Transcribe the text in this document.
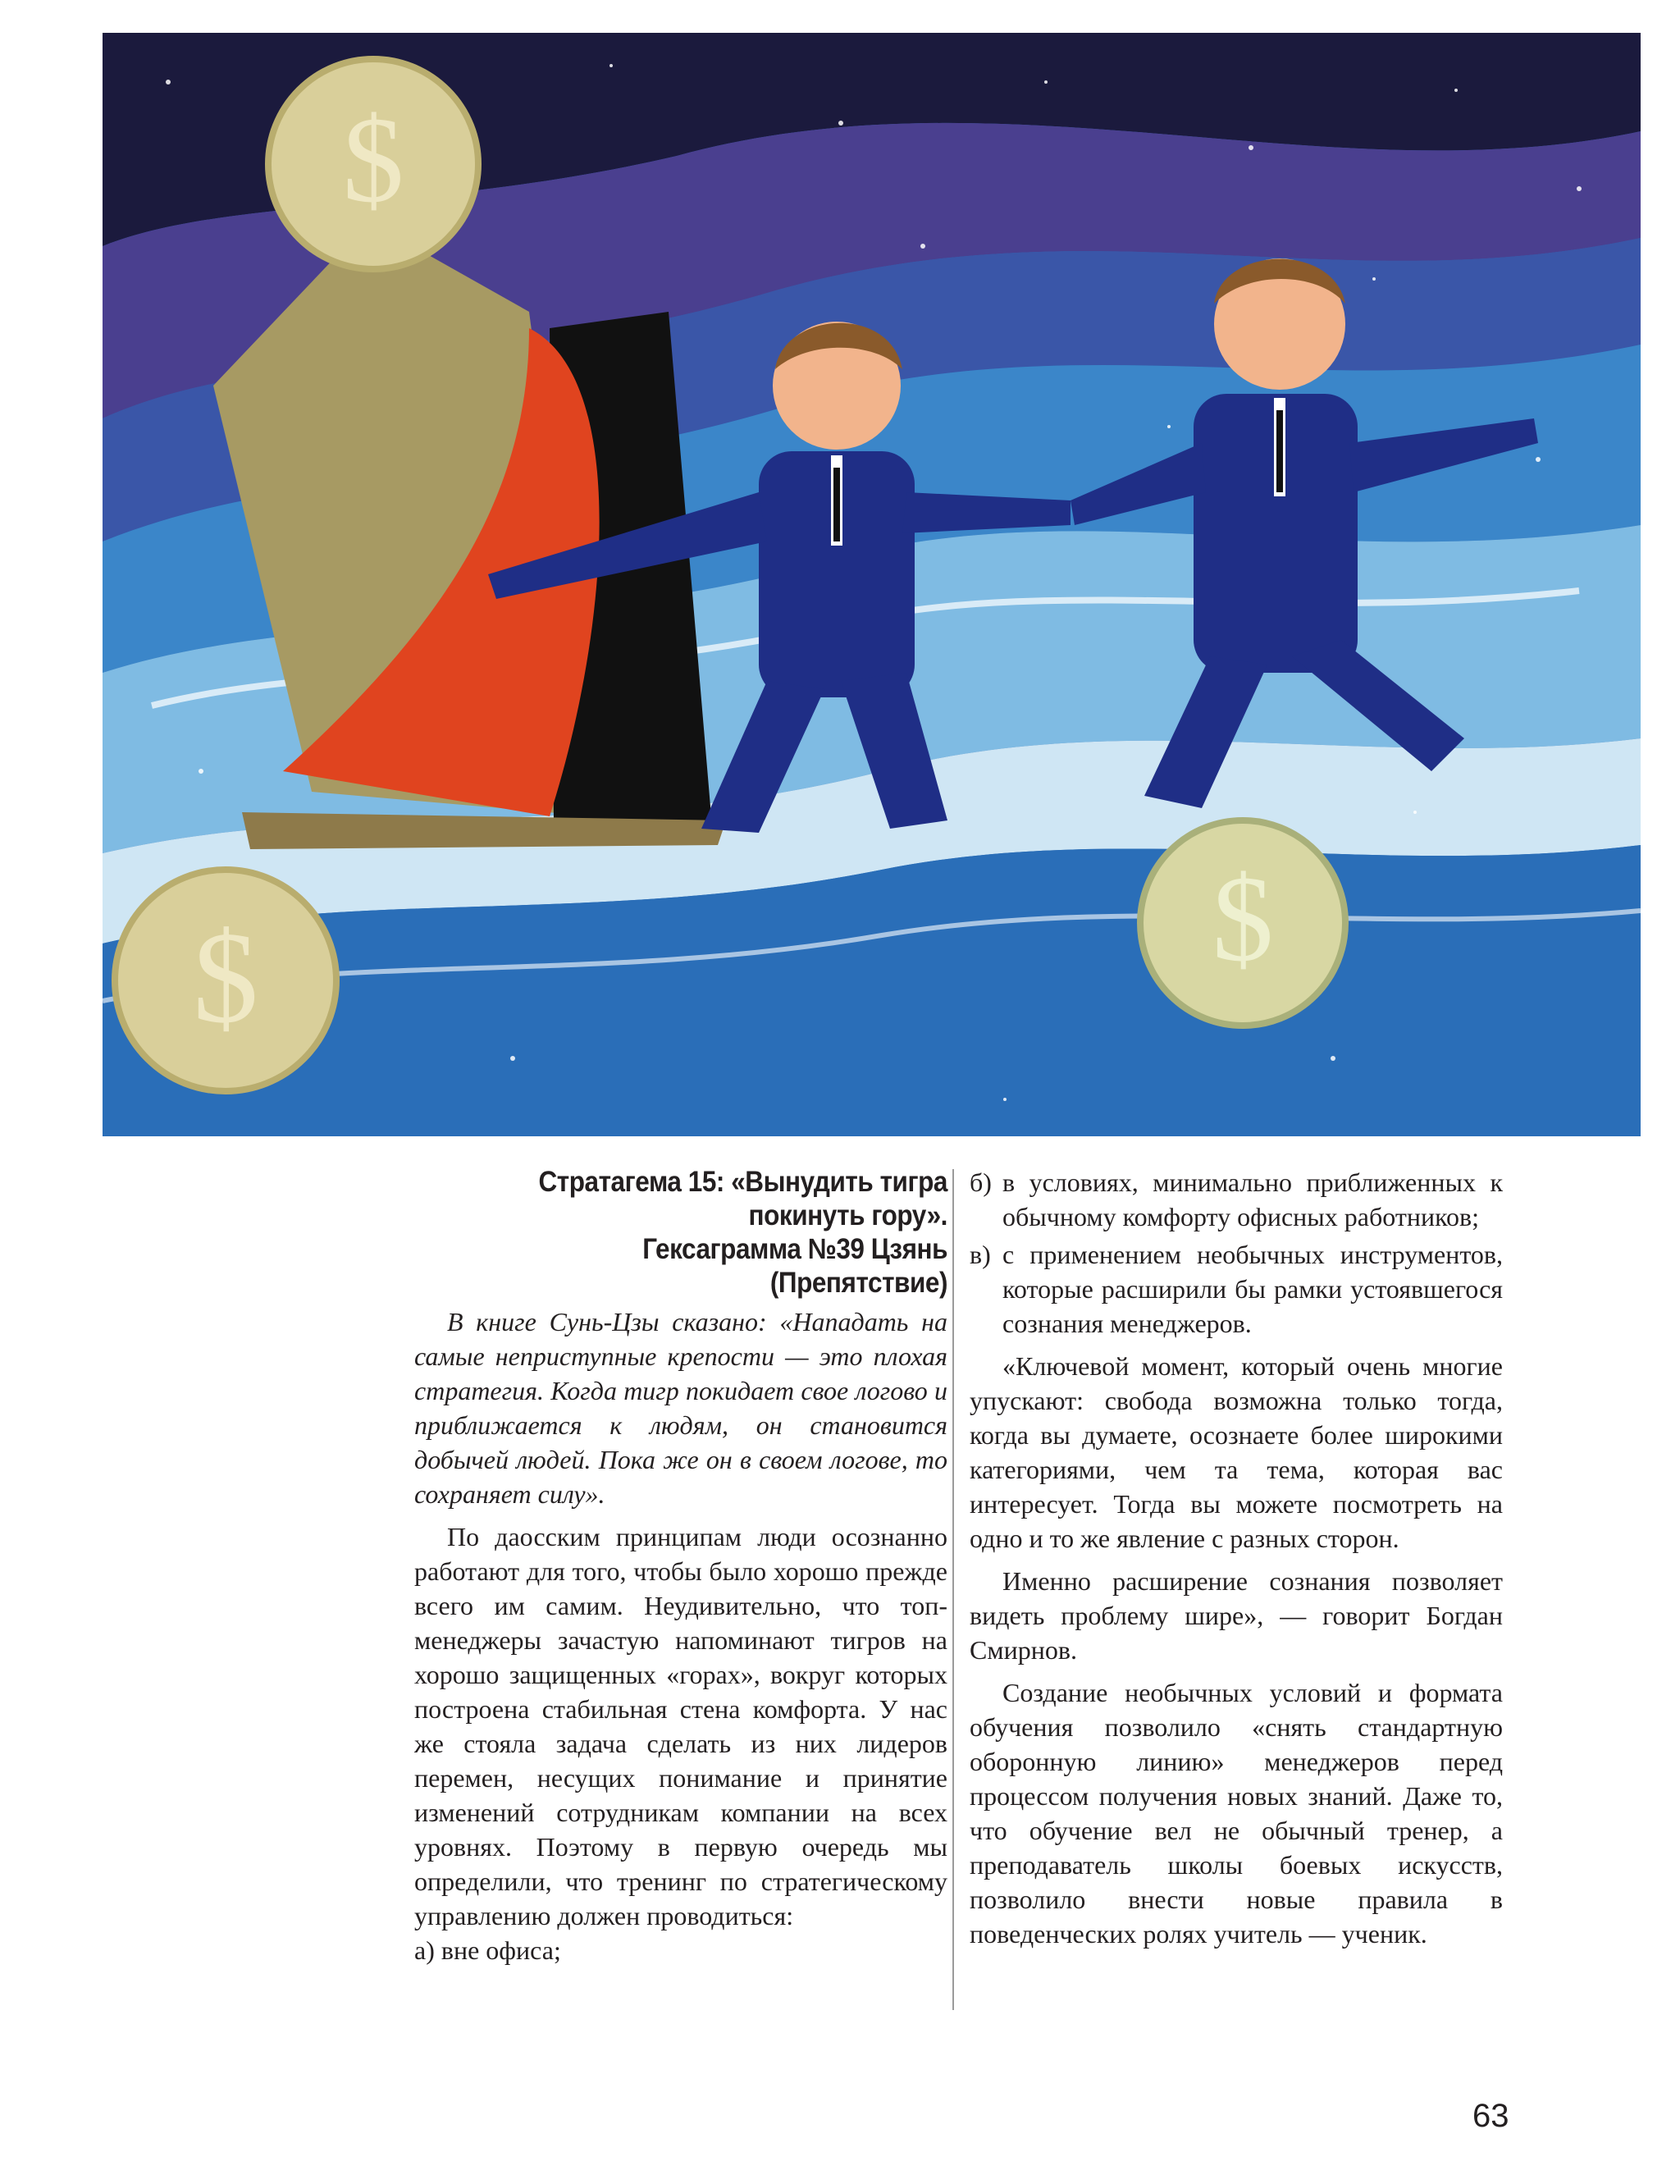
$
$	$

Стратагема 15: «Вынудить тигра

покинуть гору».

Гексаграмма №39 Цзянь

(Препятствие)

В книге Сунь-Цзы сказано: «Нападать на самые неприступные крепости — это плохая стратегия. Когда тигр покидает свое логово и приближается к людям, он становится добычей людей. Пока же он в своем логове, то сохраняет силу».

По даосским принципам люди осознанно работают для того, чтобы было хорошо прежде всего им самим. Неудивительно, что топ-менеджеры зачастую напоминают тигров на хорошо защищенных «горах», вокруг которых построена стабильная стена комфорта. У нас же стояла задача сделать из них лидеров перемен, несущих понимание и принятие изменений сотрудникам компании на всех уровнях. Поэтому в первую очередь мы определили, что тренинг по стратегическому управлению должен проводиться:

а) вне офиса;

б) в условиях, минимально приближенных к обычному комфорту офисных работников;
в) с применением необычных инструментов, которые расширили бы рамки устоявшегося сознания менеджеров.

«Ключевой момент, который очень многие упускают: свобода возможна только тогда, когда вы думаете, осознаете более широкими категориями, чем та тема, которая вас интересует. Тогда вы можете посмотреть на одно и то же явление с разных сторон.

Именно расширение сознания позволяет видеть проблему шире», — говорит Богдан Смирнов.

Создание необычных условий и формата обучения позволило «снять стандартную оборонную линию» менеджеров перед процессом получения новых знаний. Даже то, что обучение вел не обычный тренер, а преподаватель школы боевых искусств, позволило внести новые правила в поведенческих ролях учитель — ученик.

63
